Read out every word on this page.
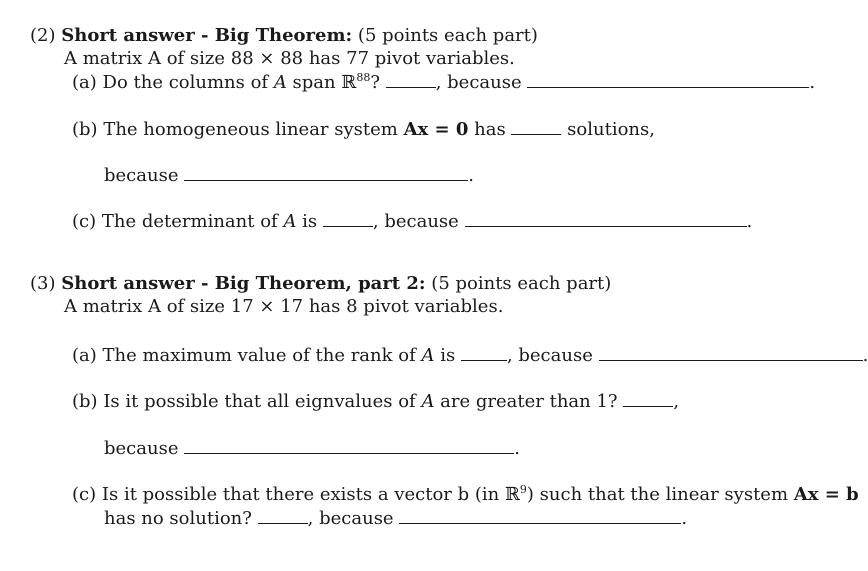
(2) Short answer - Big Theorem: (5 points each part)
A matrix A of size 88 × 88 has 77 pivot variables.
(a) Do the columns of A span ℝ$^{88}$?	, because	.
(b) The homogeneous linear system Ax = 0 has	solutions,
because	.
(c) The determinant of A is	, because	.
(3) Short answer - Big Theorem, part 2: (5 points each part)
A matrix A of size 17 × 17 has 8 pivot variables.
(a) The maximum value of the rank of A is	, because	.
(b) Is it possible that all eignvalues of A are greater than 1?	,
because	.
(c) Is it possible that there exists a vector b (in ℝ$^9$) such that the linear system Ax = b
has no solution?	, because	.
